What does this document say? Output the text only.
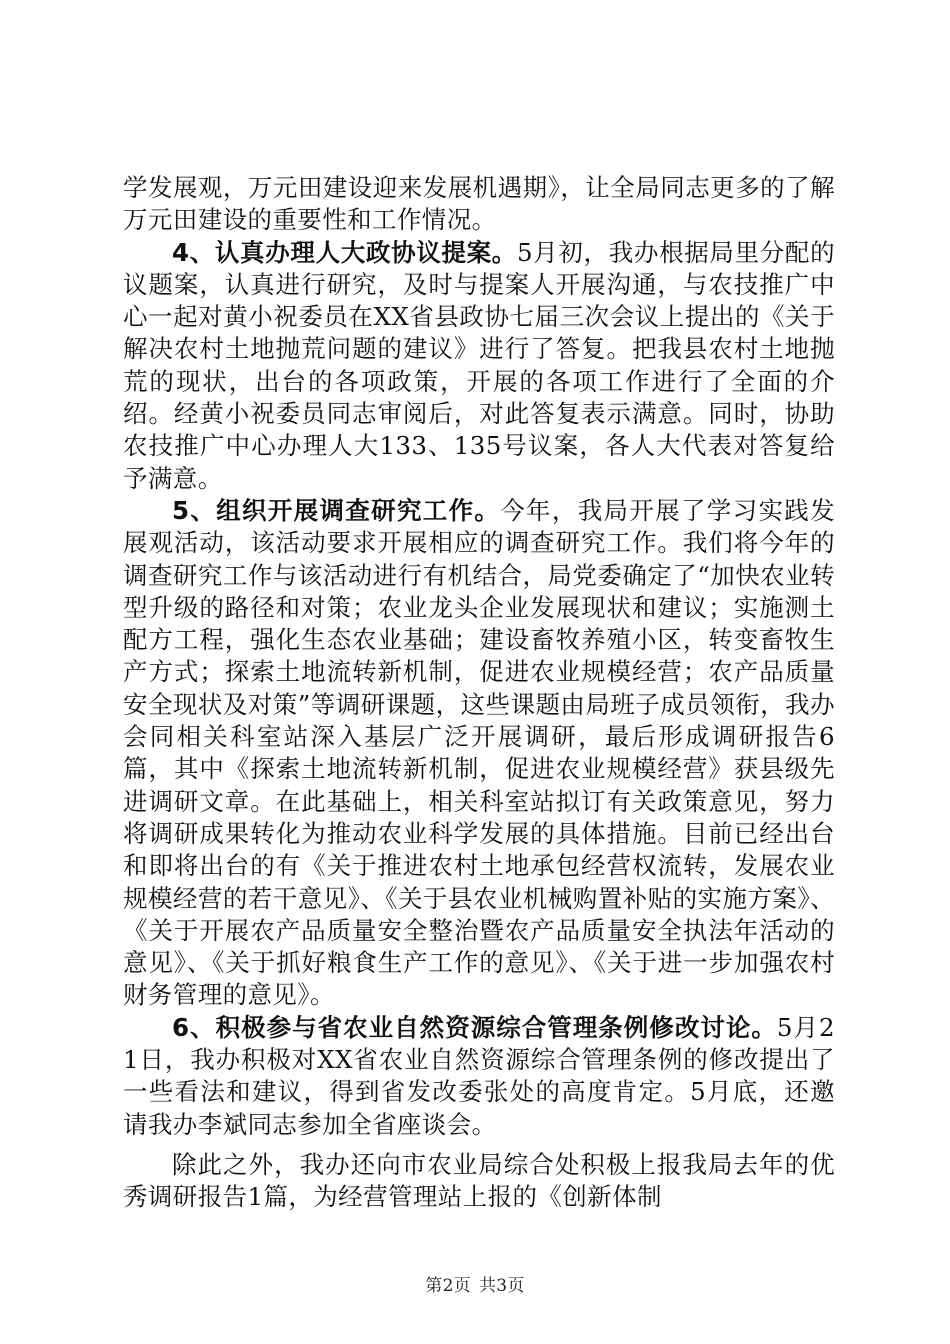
学发展观，万元田建设迎来发展机遇期》，让全局同志更多的了解万元田建设的重要性和工作情况。

4、认真办理人大政协议提案。5月初，我办根据局里分配的议题案，认真进行研究，及时与提案人开展沟通，与农技推广中心一起对黄小祝委员在XX省县政协七届三次会议上提出的《关于解决农村土地抛荒问题的建议》进行了答复。把我县农村土地抛荒的现状，出台的各项政策，开展的各项工作进行了全面的介绍。经黄小祝委员同志审阅后，对此答复表示满意。同时，协助农技推广中心办理人大133、135号议案，各人大代表对答复给予满意。

5、组织开展调查研究工作。今年，我局开展了学习实践发展观活动，该活动要求开展相应的调查研究工作。我们将今年的调查研究工作与该活动进行有机结合，局党委确定了“加快农业转型升级的路径和对策；农业龙头企业发展现状和建议；实施测土配方工程，强化生态农业基础；建设畜牧养殖小区，转变畜牧生产方式；探索土地流转新机制，促进农业规模经营；农产品质量安全现状及对策”等调研课题，这些课题由局班子成员领衔，我办会同相关科室站深入基层广泛开展调研，最后形成调研报告6篇，其中《探索土地流转新机制，促进农业规模经营》获县级先进调研文章。在此基础上，相关科室站拟订有关政策意见，努力将调研成果转化为推动农业科学发展的具体措施。目前已经出台和即将出台的有《关于推进农村土地承包经营权流转，发展农业规模经营的若干意见》、《关于县农业机械购置补贴的实施方案》、《关于开展农产品质量安全整治暨农产品质量安全执法年活动的意见》、《关于抓好粮食生产工作的意见》、《关于进一步加强农村财务管理的意见》。

6、积极参与省农业自然资源综合管理条例修改讨论。5月21日，我办积极对XX省农业自然资源综合管理条例的修改提出了一些看法和建议，得到省发改委张处的高度肯定。5月底，还邀请我办李斌同志参加全省座谈会。

除此之外，我办还向市农业局综合处积极上报我局去年的优秀调研报告1篇，为经营管理站上报的《创新体制

第2页 共3页
